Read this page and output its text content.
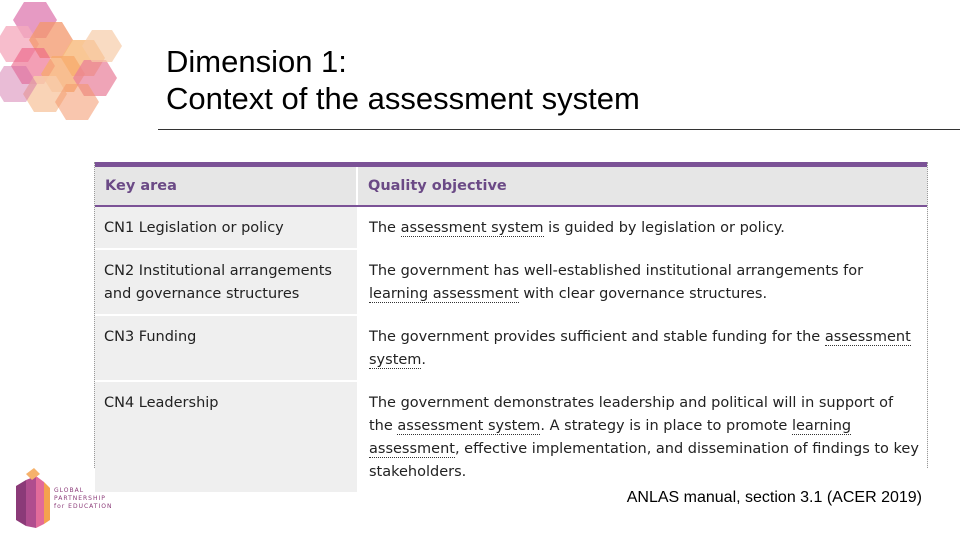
Dimension 1:
Context of the assessment system
Key area	Quality objective
CN1 Legislation or policy	The assessment system is guided by legislation or policy.
CN2 Institutional arrangements and governance structures	The government has well-established institutional arrangements for learning assessment with clear governance structures.
CN3 Funding	The government provides sufficient and stable funding for the assessment system.
CN4 Leadership	The government demonstrates leadership and political will in support of the assessment system. A strategy is in place to promote learning assessment, effective implementation, and dissemination of findings to key stakeholders.
GLOBAL
PARTNERSHIP
for EDUCATION
ANLAS manual, section 3.1 (ACER 2019)
